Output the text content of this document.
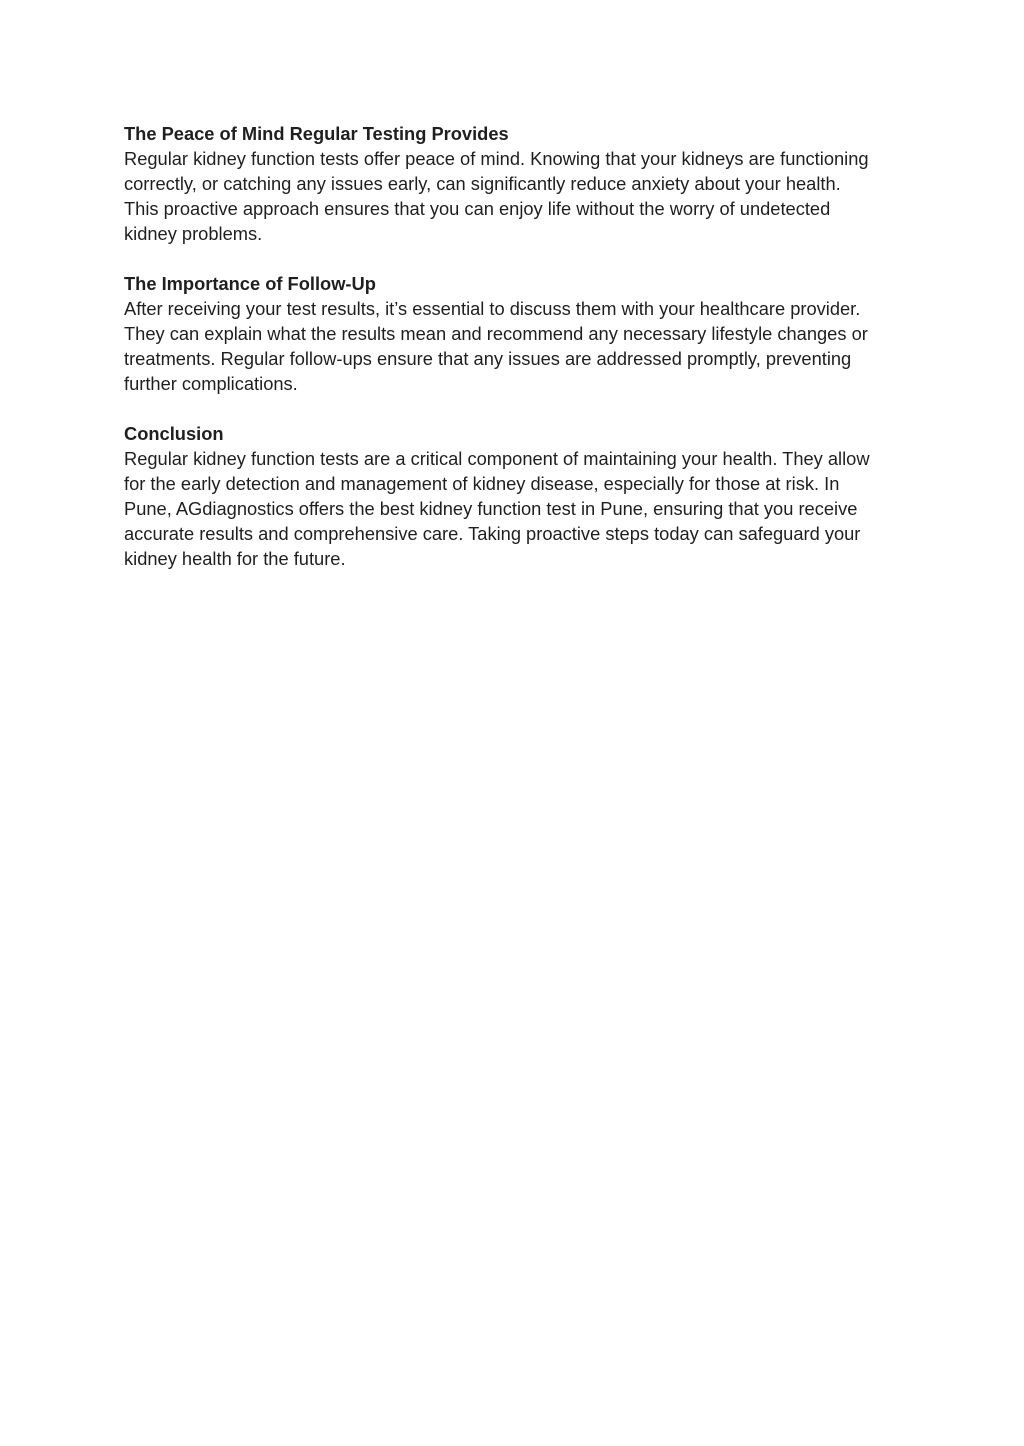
The Peace of Mind Regular Testing Provides
Regular kidney function tests offer peace of mind. Knowing that your kidneys are functioning
correctly, or catching any issues early, can significantly reduce anxiety about your health.
This proactive approach ensures that you can enjoy life without the worry of undetected
kidney problems.
The Importance of Follow-Up
After receiving your test results, it’s essential to discuss them with your healthcare provider.
They can explain what the results mean and recommend any necessary lifestyle changes or
treatments. Regular follow-ups ensure that any issues are addressed promptly, preventing
further complications.
Conclusion
Regular kidney function tests are a critical component of maintaining your health. They allow
for the early detection and management of kidney disease, especially for those at risk. In
Pune, AGdiagnostics offers the best kidney function test in Pune, ensuring that you receive
accurate results and comprehensive care. Taking proactive steps today can safeguard your
kidney health for the future.
